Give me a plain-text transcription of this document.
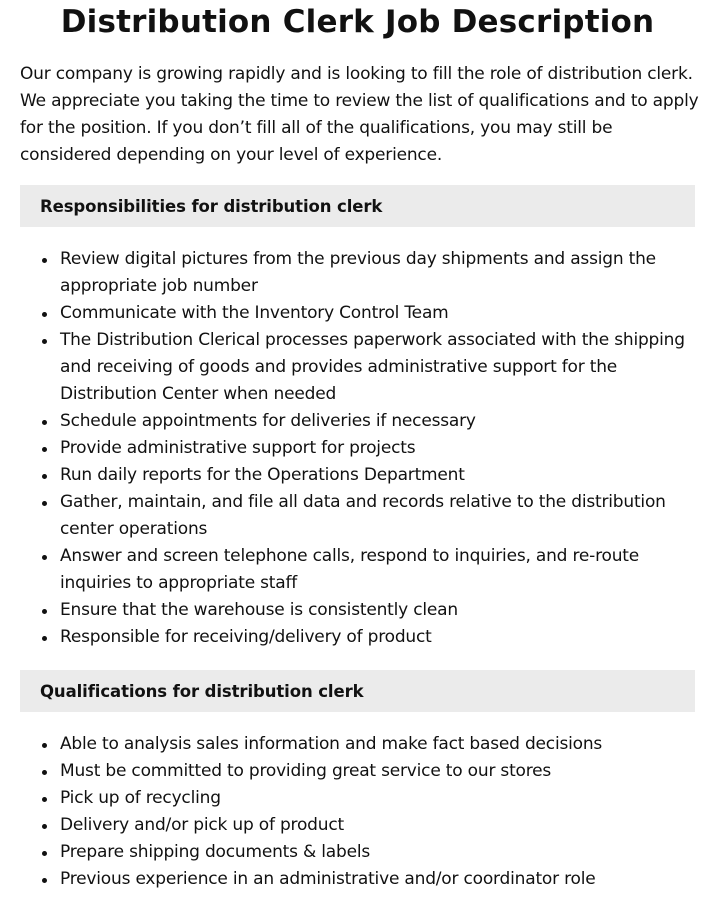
Distribution Clerk Job Description

Our company is growing rapidly and is looking to fill the role of distribution clerk. We appreciate you taking the time to review the list of qualifications and to apply for the position. If you don’t fill all of the qualifications, you may still be considered depending on your level of experience.

Responsibilities for distribution clerk
Review digital pictures from the previous day shipments and assign the appropriate job number
Communicate with the Inventory Control Team
The Distribution Clerical processes paperwork associated with the shipping and receiving of goods and provides administrative support for the Distribution Center when needed
Schedule appointments for deliveries if necessary
Provide administrative support for projects
Run daily reports for the Operations Department
Gather, maintain, and file all data and records relative to the distribution center operations
Answer and screen telephone calls, respond to inquiries, and re-route inquiries to appropriate staff
Ensure that the warehouse is consistently clean
Responsible for receiving/delivery of product
Qualifications for distribution clerk
Able to analysis sales information and make fact based decisions
Must be committed to providing great service to our stores
Pick up of recycling
Delivery and/or pick up of product
Prepare shipping documents & labels
Previous experience in an administrative and/or coordinator role
